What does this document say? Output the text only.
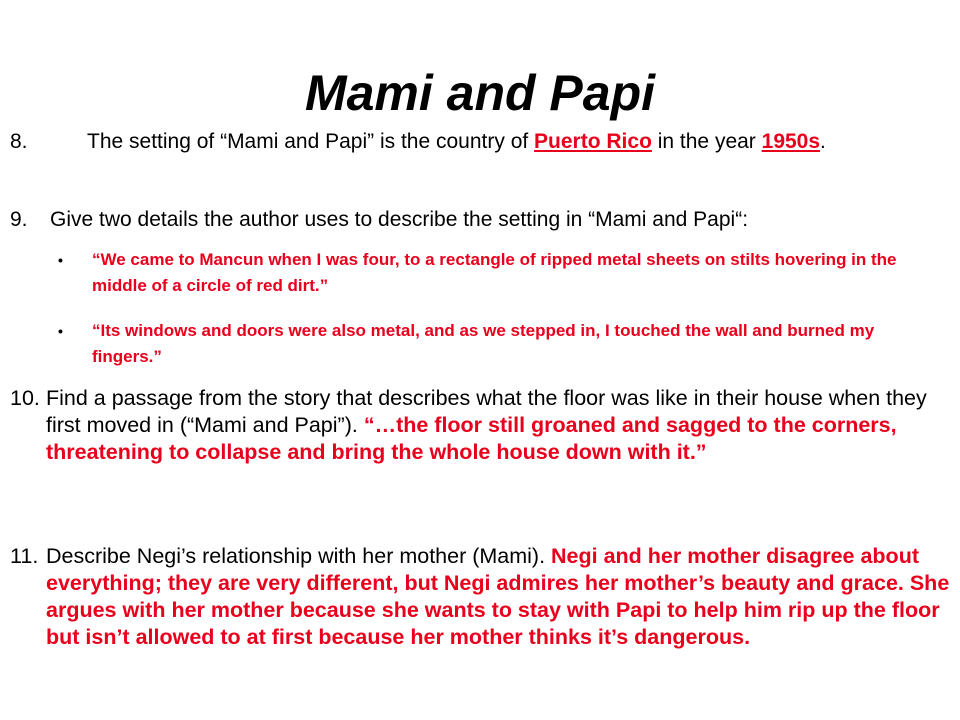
Mami and Papi
8.	The setting of “Mami and Papi” is the country of Puerto Rico in the year 1950s.
9.	Give two details the author uses to describe the setting in “Mami and Papi“:
•	“We came to Mancun when I was four, to a rectangle of ripped metal sheets on stilts hovering in the middle of a circle of red dirt.”
•	“Its windows and doors were also metal, and as we stepped in, I touched the wall and burned my fingers.”
10. Find a passage from the story that describes what the floor was like in their house when they first moved in (“Mami and Papi”). “…the floor still groaned and sagged to the corners, threatening to collapse and bring the whole house down with it.”
11. Describe Negi’s relationship with her mother (Mami). Negi and her mother disagree about everything; they are very different, but Negi admires her mother’s beauty and grace. She argues with her mother because she wants to stay with Papi to help him rip up the floor but isn’t allowed to at first because her mother thinks it’s dangerous.
